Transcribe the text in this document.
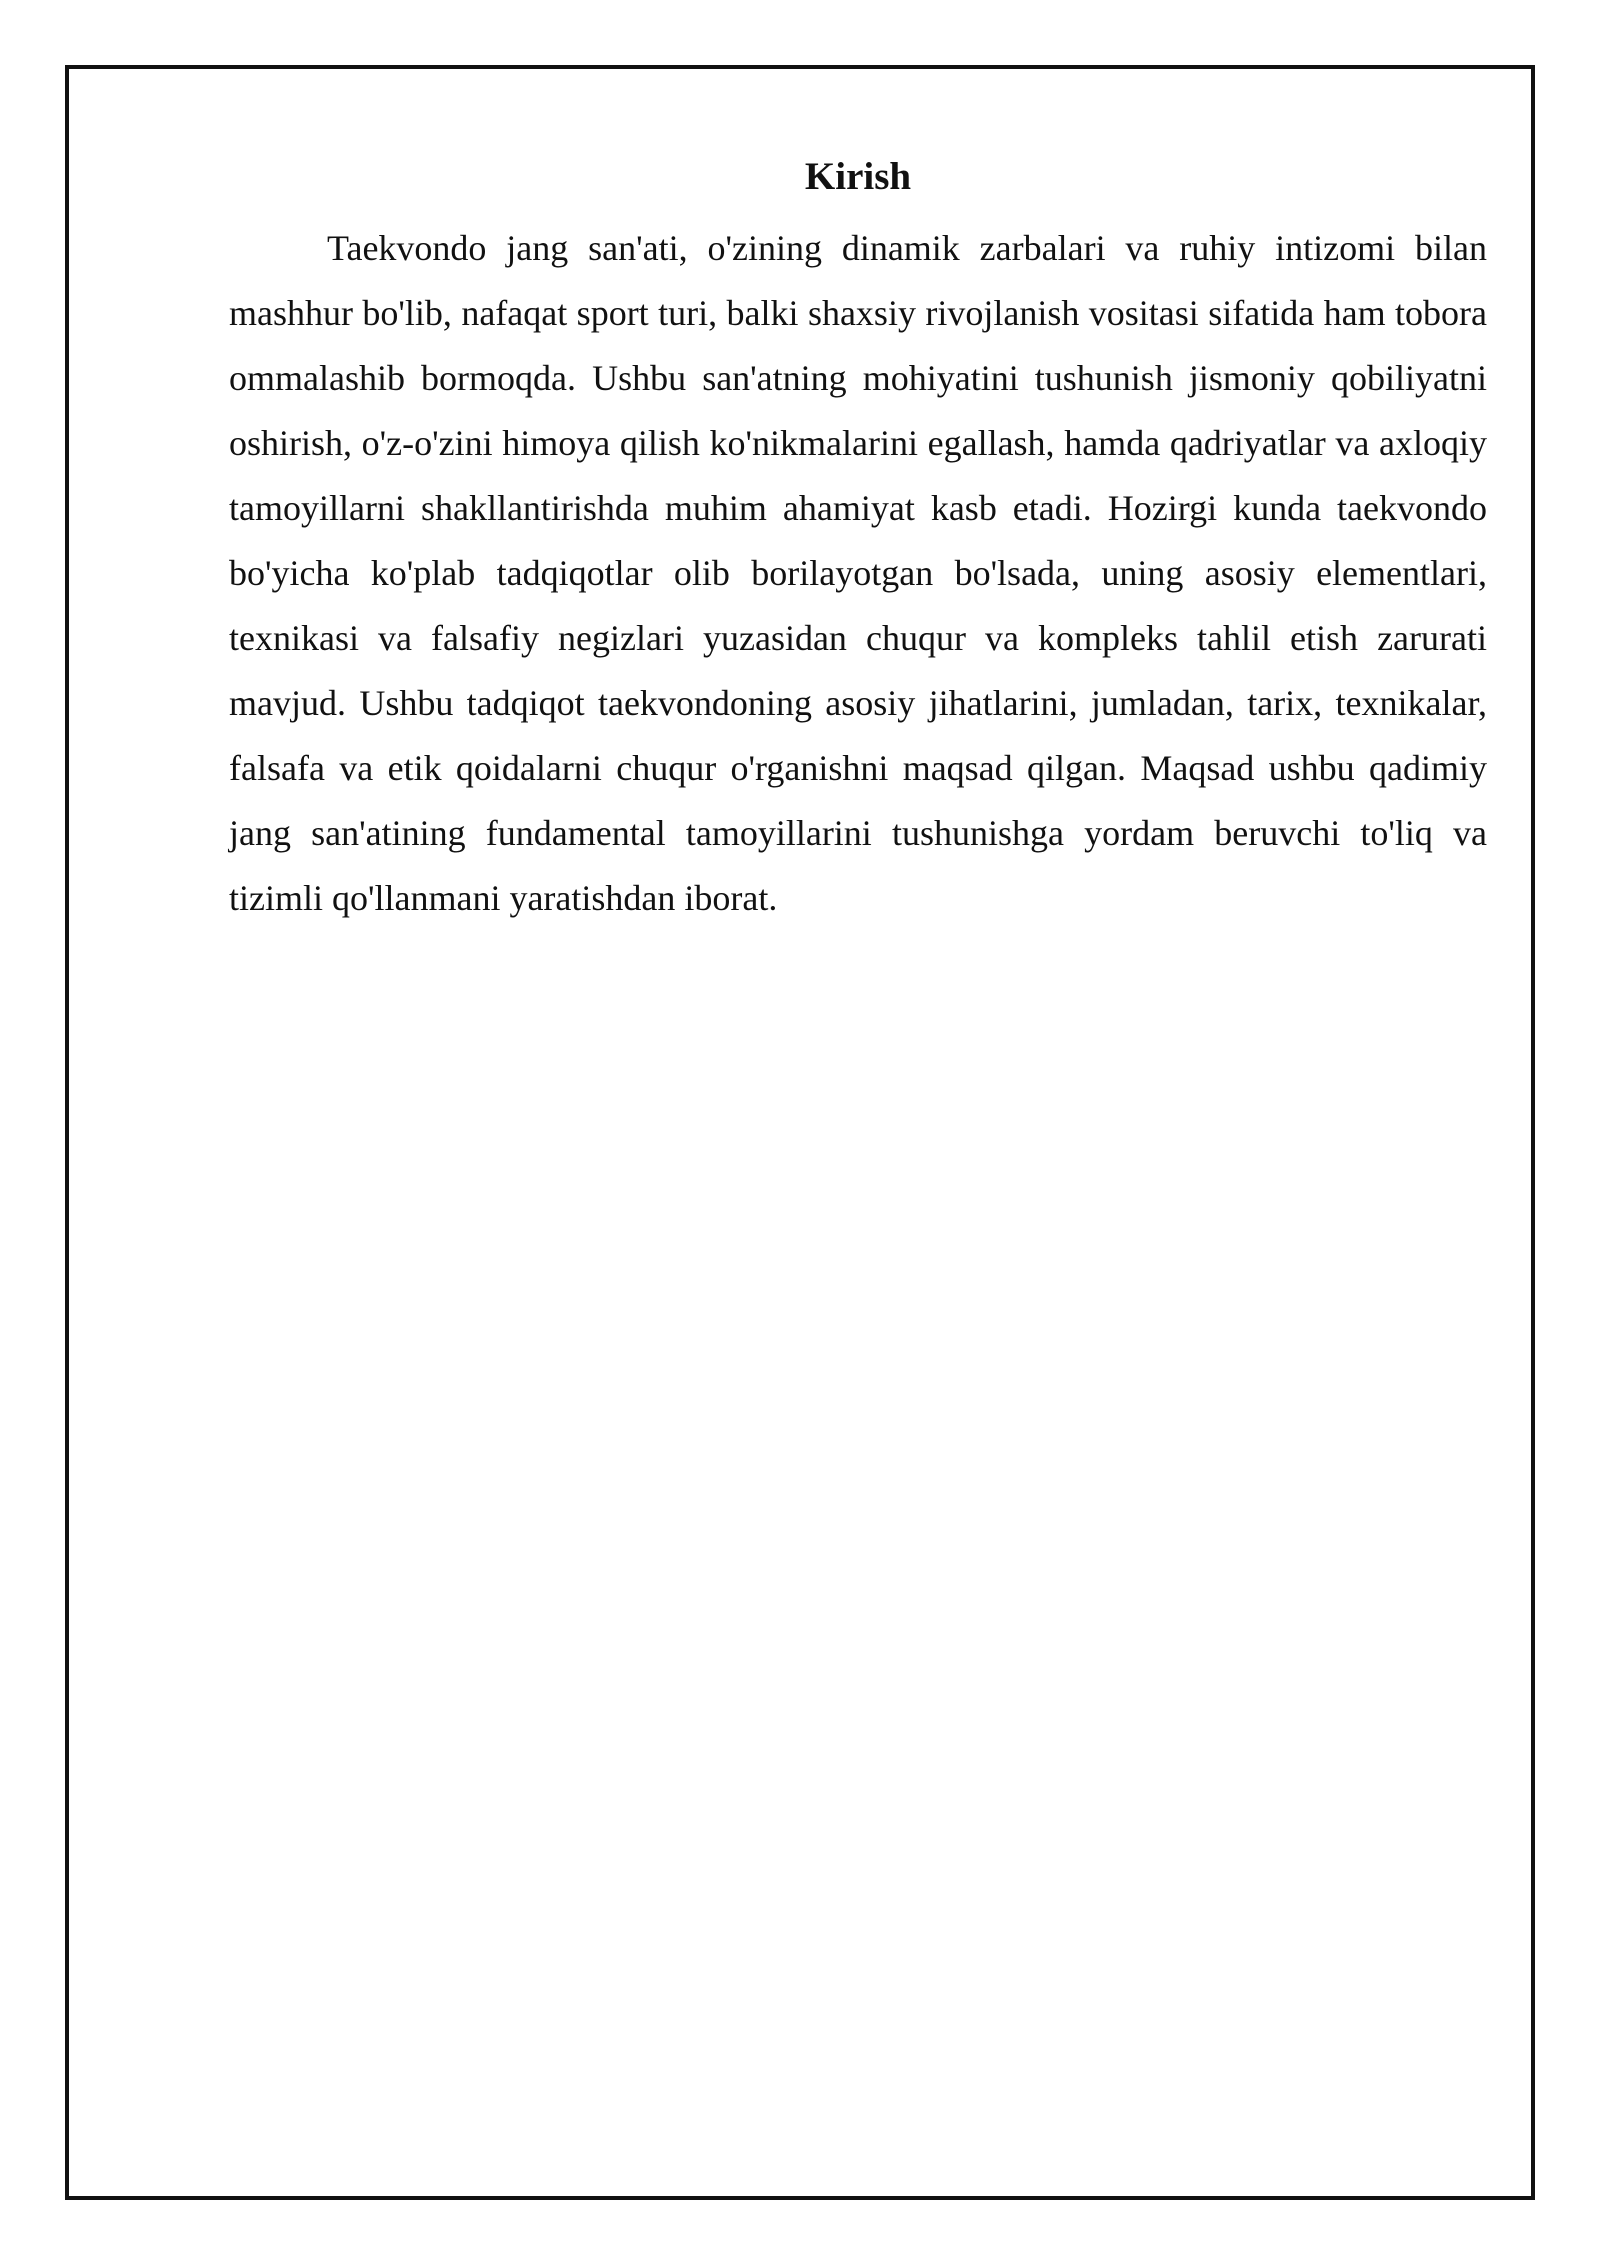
Kirish

Taekvondo jang san'ati, o'zining dinamik zarbalari va ruhiy intizomi bilan mashhur bo'lib, nafaqat sport turi, balki shaxsiy rivojlanish vositasi sifatida ham tobora ommalashib bormoqda. Ushbu san'atning mohiyatini tushunish jismoniy qobiliyatni oshirish, o'z-o'zini himoya qilish ko'nikmalarini egallash, hamda qadriyatlar va axloqiy tamoyillarni shakllantirishda muhim ahamiyat kasb etadi. Hozirgi kunda taekvondo bo'yicha ko'plab tadqiqotlar olib borilayotgan bo'lsada, uning asosiy elementlari, texnikasi va falsafiy negizlari yuzasidan chuqur va kompleks tahlil etish zarurati mavjud. Ushbu tadqiqot taekvondoning asosiy jihatlarini, jumladan, tarix, texnikalar, falsafa va etik qoidalarni chuqur o'rganishni maqsad qilgan. Maqsad ushbu qadimiy jang san'atining fundamental tamoyillarini tushunishga yordam beruvchi to'liq va tizimli qo'llanmani yaratishdan iborat.
